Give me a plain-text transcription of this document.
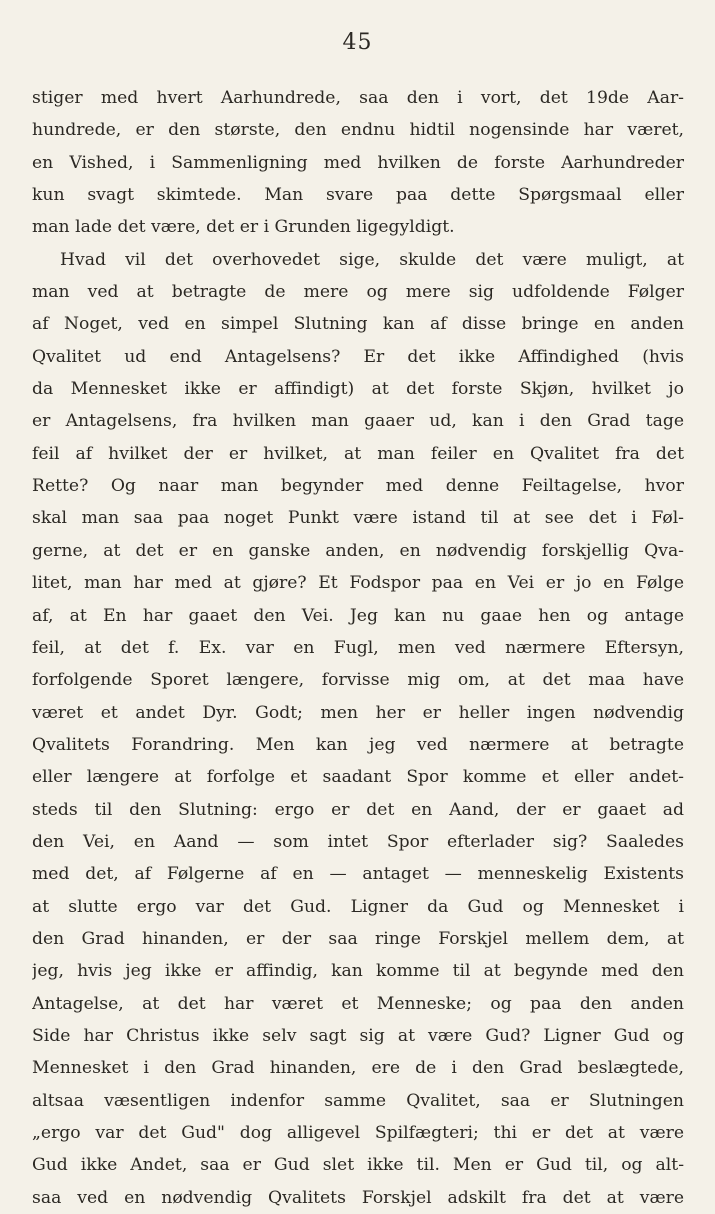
45
stiger med hvert Aarhundrede, saa den i vort, det 19de Aar-
hundrede, er den største, den endnu hidtil nogensinde har været,
en Vished, i Sammenligning med hvilken de forste Aarhundreder
kun svagt skimtede. Man svare paa dette Spørgsmaal eller
man lade det være, det er i Grunden ligegyldigt.
Hvad vil det overhovedet sige, skulde det være muligt, at
man ved at betragte de mere og mere sig udfoldende Følger
af Noget, ved en simpel Slutning kan af disse bringe en anden
Qvalitet ud end Antagelsens? Er det ikke Affindighed (hvis
da Mennesket ikke er affindigt) at det forste Skjøn, hvilket jo
er Antagelsens, fra hvilken man gaaer ud, kan i den Grad tage
feil af hvilket der er hvilket, at man feiler en Qvalitet fra det
Rette? Og naar man begynder med denne Feiltagelse, hvor
skal man saa paa noget Punkt være istand til at see det i Føl-
gerne, at det er en ganske anden, en nødvendig forskjellig Qva-
litet, man har med at gjøre? Et Fodspor paa en Vei er jo en Følge
af, at En har gaaet den Vei. Jeg kan nu gaae hen og antage
feil, at det f. Ex. var en Fugl, men ved nærmere Eftersyn,
forfolgende Sporet længere, forvisse mig om, at det maa have
været et andet Dyr. Godt; men her er heller ingen nødvendig
Qvalitets Forandring. Men kan jeg ved nærmere at betragte
eller længere at forfolge et saadant Spor komme et eller andet-
steds til den Slutning: ergo er det en Aand, der er gaaet ad
den Vei, en Aand — som intet Spor efterlader sig? Saaledes
med det, af Følgerne af en — antaget — menneskelig Existents
at slutte ergo var det Gud. Ligner da Gud og Mennesket i
den Grad hinanden, er der saa ringe Forskjel mellem dem, at
jeg, hvis jeg ikke er affindig, kan komme til at begynde med den
Antagelse, at det har været et Menneske; og paa den anden
Side har Christus ikke selv sagt sig at være Gud? Ligner Gud og
Mennesket i den Grad hinanden, ere de i den Grad beslægtede,
altsaa væsentligen indenfor samme Qvalitet, saa er Slutningen
„ergo var det Gud" dog alligevel Spilfægteri; thi er det at være
Gud ikke Andet, saa er Gud slet ikke til. Men er Gud til, og alt-
saa ved en nødvendig Qvalitets Forskjel adskilt fra det at være
